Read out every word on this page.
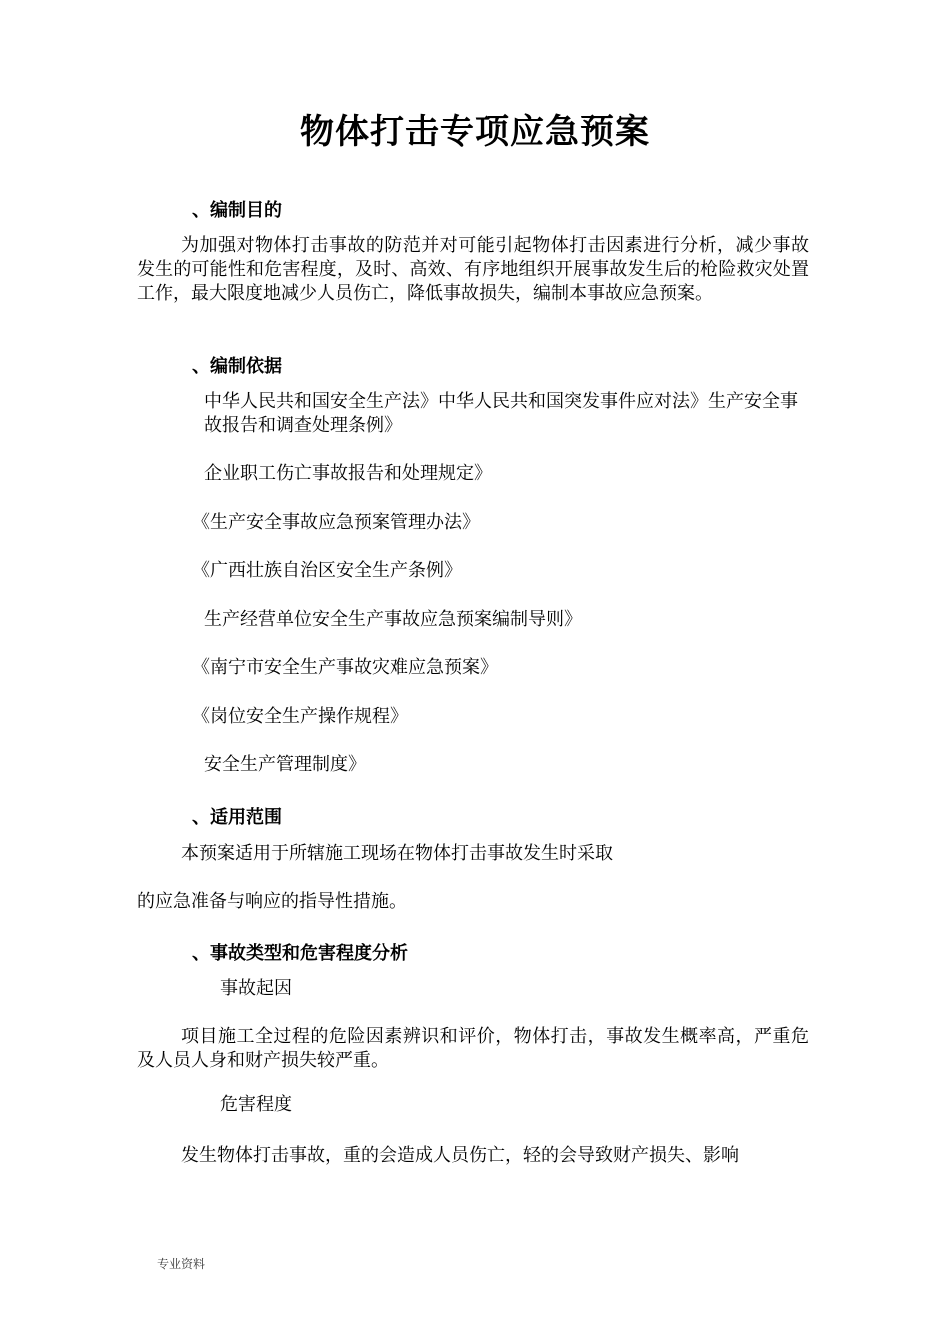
物体打击专项应急预案
、编制目的
为加强对物体打击事故的防范并对可能引起物体打击因素进行分析，减少事故发生的可能性和危害程度，及时、高效、有序地组织开展事故发生后的枪险救灾处置工作，最大限度地减少人员伤亡，降低事故损失，编制本事故应急预案。
、编制依据
中华人民共和国安全生产法》中华人民共和国突发事件应对法》生产安全事故报告和调查处理条例》
企业职工伤亡事故报告和处理规定》
《生产安全事故应急预案管理办法》
《广西壮族自治区安全生产条例》
生产经营单位安全生产事故应急预案编制导则》
《南宁市安全生产事故灾难应急预案》
《岗位安全生产操作规程》
安全生产管理制度》
、适用范围
本预案适用于所辖施工现场在物体打击事故发生时采取
的应急准备与响应的指导性措施。
、事故类型和危害程度分析
事故起因
项目施工全过程的危险因素辨识和评价，物体打击，事故发生概率高，严重危及人员人身和财产损失较严重。
危害程度
发生物体打击事故，重的会造成人员伤亡，轻的会导致财产损失、影响
专业资料
